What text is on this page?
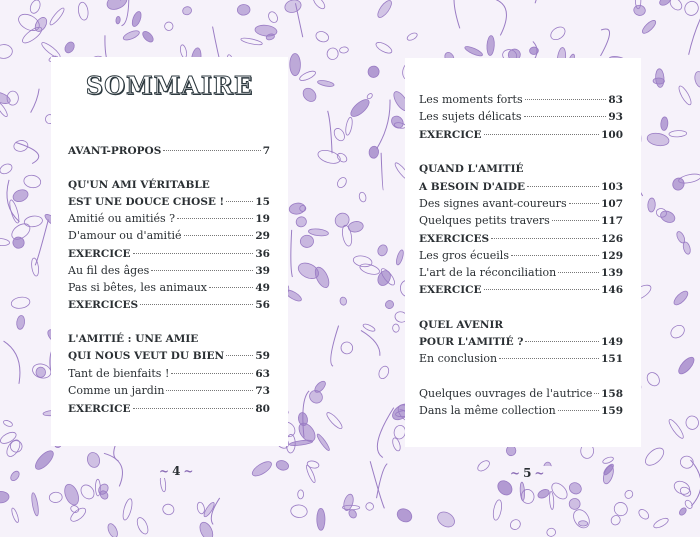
SOMMAIRE
AVANT-PROPOS	7
QU'UN AMI VÉRITABLE
EST UNE DOUCE CHOSE !	15
Amitié ou amitiés ?	19
D'amour ou d'amitié	29
EXERCICE	36
Au fil des âges	39
Pas si bêtes, les animaux	49
EXERCICES	56
L'AMITIÉ : UNE AMIE
QUI NOUS VEUT DU BIEN	59
Tant de bienfaits !	63
Comme un jardin	73
EXERCICE	80
Les moments forts	83
Les sujets délicats	93
EXERCICE	100
QUAND L'AMITIÉ
A BESOIN D'AIDE	103
Des signes avant-coureurs	107
Quelques petits travers	117
EXERCICES	126
Les gros écueils	129
L'art de la réconciliation	139
EXERCICE	146
QUEL AVENIR
POUR L'AMITIÉ ?	149
En conclusion	151
Quelques ouvrages de l'autrice 158
Dans la même collection	159
~ 4 ~	~ 5 ~
